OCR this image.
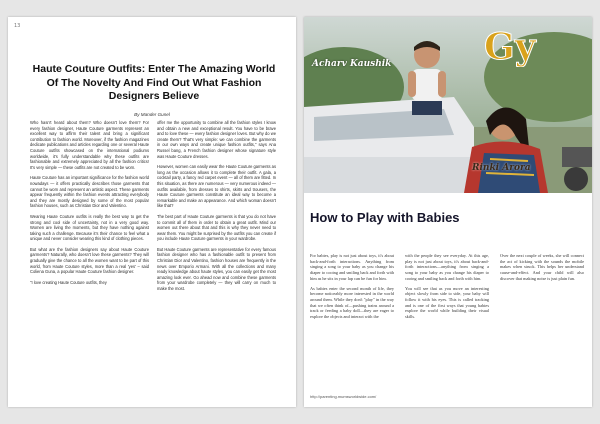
13
Haute Couture Outfits: Enter The Amazing World Of The Novelty And Find Out What Fashion Designers Believe
By Mander Gunel

Who hasn't heard about them? Who doesn't love them? For every fashion designer, Haute Couture garments represent an excellent way to affirm their talent and bring a significant contribution to fashion world. Moreover, if the fashion magazines dedicate publications and articles regarding one or several Haute Couture outfits showcased on the international podiums worldwide, it's fully understandable why these outfits are fashionable and extremely appreciated by all the fashion critics! It's very simple — these outfits are not created to be worn.

Haute Couture has an important significance for the fashion world nowadays — it offers practically describes those garments that cannot be worn and represent an artistic aspect. These garments appear frequently within the fashion events attracting everybody and they are mostly designed by some of the most popular fashion houses, such as Christian Dior and Valentino.

Wearing Haute Couture outfits is really the best way to get the strong and cool side of uncertainty, not in a very good way. Women are living the moments, but they have nothing against taking such a challenge. Because it's their chance to feel what a unique and never consider wearing this kind of clothing pieces.

But what are the fashion designers say about Haute Couture garments? Naturally, who doesn't love these garments? They will gradually give the chance to all the women want to be part of this world, from Haute Couture styles, more than a real 'yes' – said Coliena Guna, a popular Haute Couture fashion designer.

"I love creating Haute Couture outfits, they

offer me the opportunity to combine all the fashion styles I know and obtain a new and exceptional result. You have to be brave and to love these — every fashion designer loves. But why do we create them? That's very simple: we can combine the garments in our own ways and create unique fashion outfits," says Ana Russel bang, a French fashion designer whose signature style was Haute Couture dresses.

However, women can easily wear the Haute Couture garments as long as the occasion allows it to complete their outfit. A gala, a cocktail party, a fancy red carpet event — all of them are fitted. In this situation, as there are numerous — very numerous indeed — outfits available, from dresses to shirts, skirts and trousers, the Haute Couture garments constitute an ideal way to become a remarkable and make an appearance. And which woman doesn't like that?

The best part of Haute Couture garments is that you do not have to commit all of them in order to obtain a great outfit. Mind our women out there about that and this is why they never need to wear them. You might be surprised by the outfits you can create if you include Haute Couture garments in your wardrobe.

But Haute Couture garments are representative for every famous fashion designer who has a fashionable outfit to present from Christian Dior and Valentino, fashion houses are frequently in the news over Emporio Armani. With all the collections and many ready knowledge about haute styles, you can easily get the most amazing look ever. Go ahead now and combine these garments from your wardrobe completely — they will carry on much to make the most.

Acharv Kaushik
Rinki Arora
Gy
How to Play with Babies

For babies, play is not just about toys, it's about back-and-forth interactions. Anything from singing a song to your baby as you change his diaper to cooing and smiling back and forth with him as he sits in your lap can be fun for him.

As babies enter the second month of life, they become noticeably more interested in the world around them. While they don't "play" in the way that we often think of—pushing trains around a track or feeding a baby doll—they are eager to explore the objects and interact with the

with the people they see everyday. At this age, play is not just about toys, it's about back-and-forth interactions—anything from singing a song to your baby as you change his diaper to cooing and smiling back and forth with him.

You will see that as you move an interesting object slowly from side to side, your baby will follow it with his eyes. This is called tracking and is one of the first ways that young babies explore the world while building their visual skills.

Over the next couple of weeks, she will connect the act of kicking with the sounds the mobile makes when struck. This helps her understand cause-and-effect. And your child will also discover that making noise is just plain fun.

http://parenting.mumsworldwide.com/
